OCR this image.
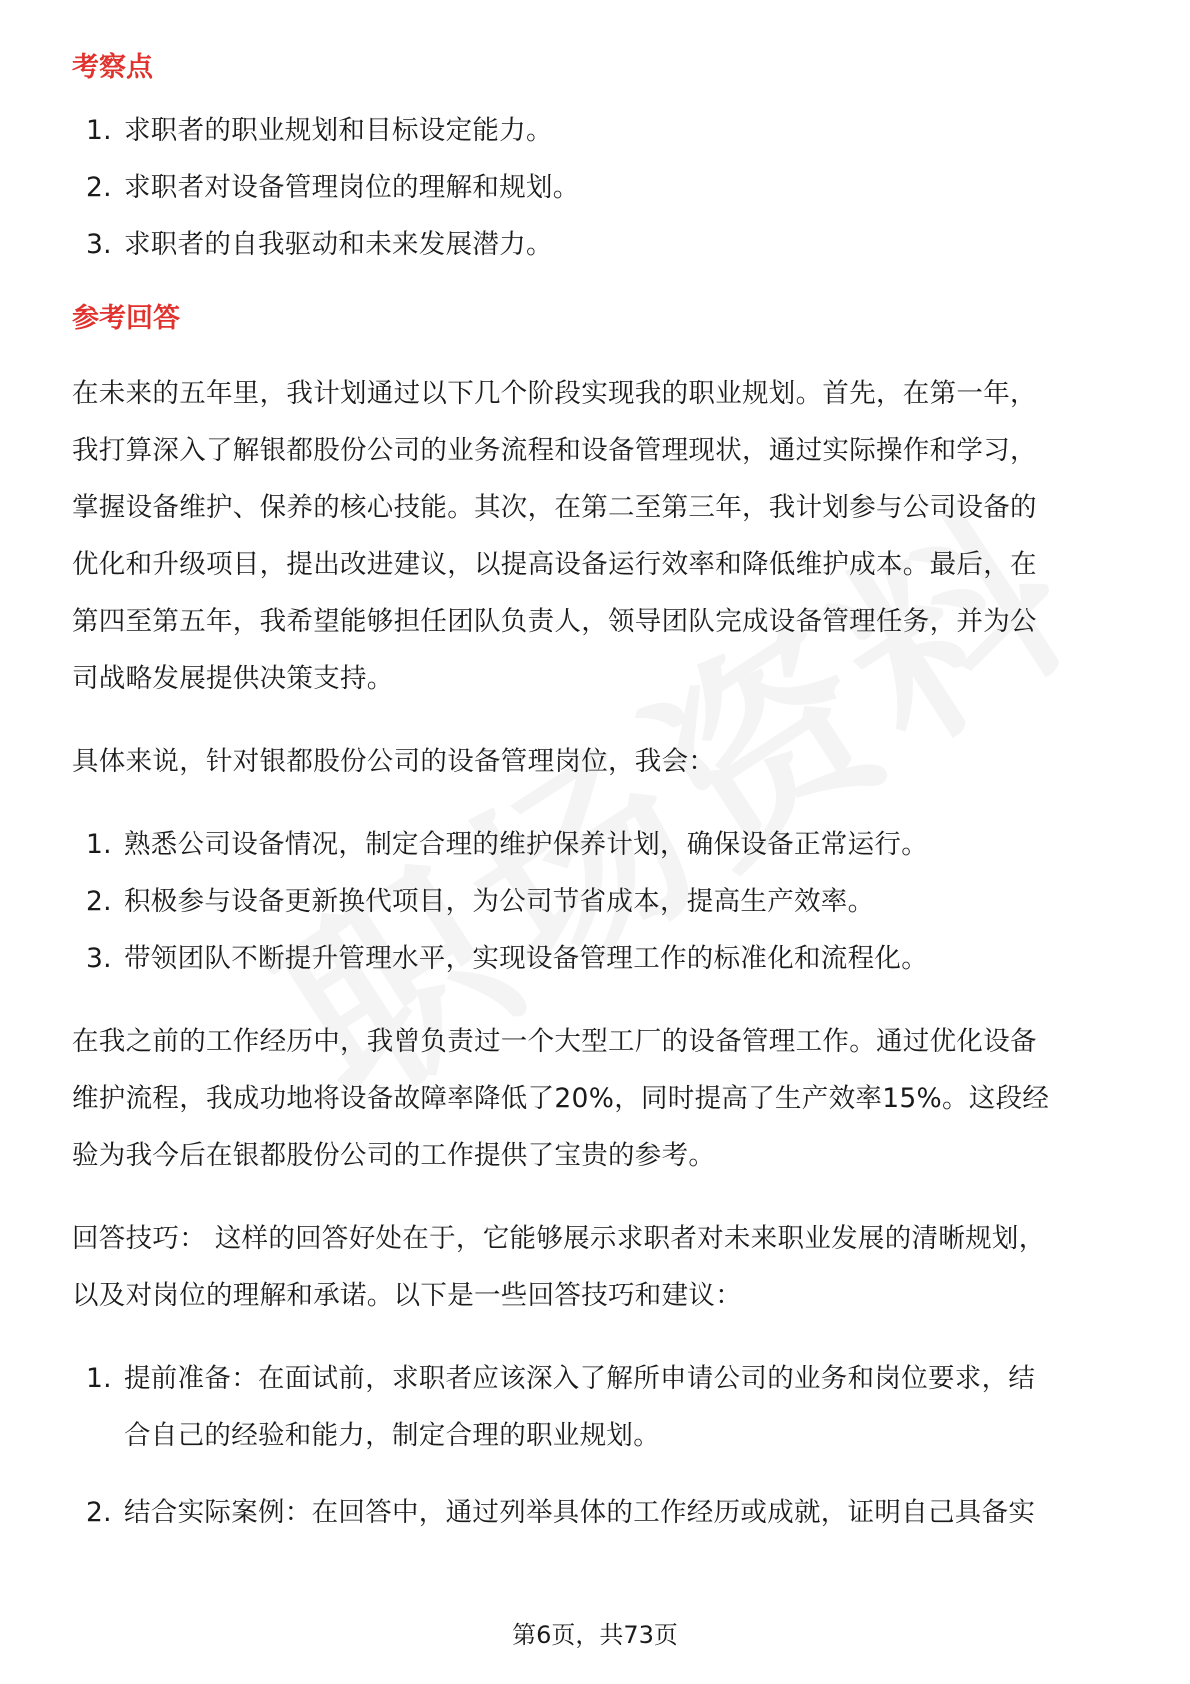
考察点
1. 求职者的职业规划和目标设定能力。
2. 求职者对设备管理岗位的理解和规划。
3. 求职者的自我驱动和未来发展潜力。
参考回答
在未来的五年里，我计划通过以下几个阶段实现我的职业规划。首先，在第一年，
我打算深入了解银都股份公司的业务流程和设备管理现状，通过实际操作和学习，
掌握设备维护、保养的核心技能。其次，在第二至第三年，我计划参与公司设备的
优化和升级项目，提出改进建议，以提高设备运行效率和降低维护成本。最后，在
第四至第五年，我希望能够担任团队负责人，领导团队完成设备管理任务，并为公
司战略发展提供决策支持。
具体来说，针对银都股份公司的设备管理岗位，我会：
1. 熟悉公司设备情况，制定合理的维护保养计划，确保设备正常运行。
2. 积极参与设备更新换代项目，为公司节省成本，提高生产效率。
3. 带领团队不断提升管理水平，实现设备管理工作的标准化和流程化。
在我之前的工作经历中，我曾负责过一个大型工厂的设备管理工作。通过优化设备
维护流程，我成功地将设备故障率降低了20%，同时提高了生产效率15%。这段经
验为我今后在银都股份公司的工作提供了宝贵的参考。
回答技巧： 这样的回答好处在于，它能够展示求职者对未来职业发展的清晰规划，
以及对岗位的理解和承诺。以下是一些回答技巧和建议：
1. 提前准备：在面试前，求职者应该深入了解所申请公司的业务和岗位要求，结
合自己的经验和能力，制定合理的职业规划。
2. 结合实际案例：在回答中，通过列举具体的工作经历或成就，证明自己具备实
第6页，共73页
